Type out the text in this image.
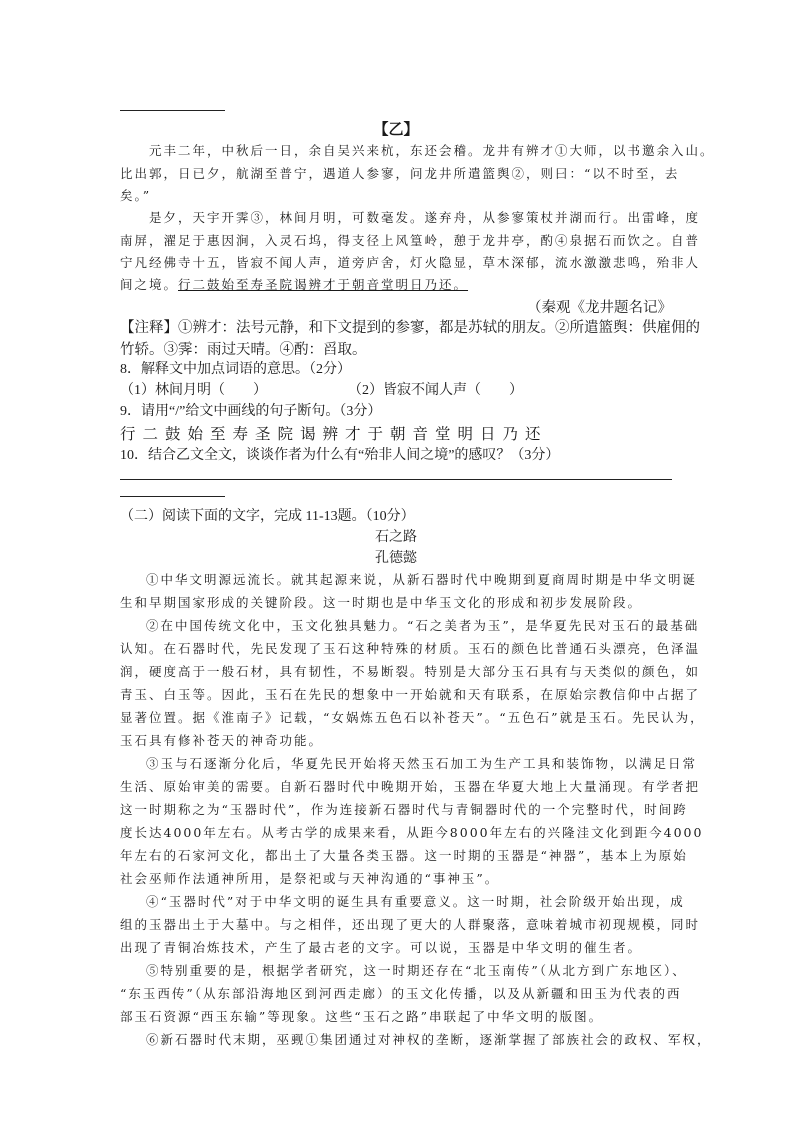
【乙】
元丰二年，中秋后一日，余自吴兴来杭，东还会稽。龙井有辨才①大师，以书邀余入山。
比出郭，日已夕，航湖至普宁，遇道人参寥，问龙井所遣篮舆②，则曰：“以不时至，去
矣。”
是夕，天宇开霁③，林间月明，可数毫发。遂弃舟，从参寥策杖并湖而行。出雷峰，度
南屏，濯足于惠因涧，入灵石坞，得支径上风篁岭，憩于龙井亭，酌④泉据石而饮之。自普
宁凡经佛寺十五，皆寂不闻人声，道旁庐舍，灯火隐显，草木深郁，流水激激悲鸣，殆非人
间之境。行二鼓始至寿圣院谒辨才于朝音堂明日乃还。
（秦观《龙井题名记》
【注释】①辨才：法号元静，和下文提到的参寥，都是苏轼的朋友。②所遣篮舆：供雇佣的
竹轿。③霁：雨过天晴。④酌：舀取。
8．解释文中加点词语的意思。（2分）
（1）林间月明（　　）	（2）皆寂不闻人声（　　）
9．请用“/”给文中画线的句子断句。（3分）
行二鼓始至寿圣院谒辨才于朝音堂明日乃还
10．结合乙文全文，谈谈作者为什么有“殆非人间之境”的感叹？（3分）
（二）阅读下面的文字，完成 11-13题。（10分）
石之路
孔德懿
①中华文明源远流长。就其起源来说，从新石器时代中晚期到夏商周时期是中华文明诞
生和早期国家形成的关键阶段。这一时期也是中华玉文化的形成和初步发展阶段。
②在中国传统文化中，玉文化独具魅力。“石之美者为玉”，是华夏先民对玉石的最基础
认知。在石器时代，先民发现了玉石这种特殊的材质。玉石的颜色比普通石头漂亮，色泽温
润，硬度高于一般石材，具有韧性，不易断裂。特别是大部分玉石具有与天类似的颜色，如
青玉、白玉等。因此，玉石在先民的想象中一开始就和天有联系，在原始宗教信仰中占据了
显著位置。据《淮南子》记载，“女娲炼五色石以补苍天”。“五色石”就是玉石。先民认为，
玉石具有修补苍天的神奇功能。
③玉与石逐渐分化后，华夏先民开始将天然玉石加工为生产工具和装饰物，以满足日常
生活、原始审美的需要。自新石器时代中晚期开始，玉器在华夏大地上大量涌现。有学者把
这一时期称之为“玉器时代”，作为连接新石器时代与青铜器时代的一个完整时代，时间跨
度长达4000年左右。从考古学的成果来看，从距今8000年左右的兴隆洼文化到距今4000
年左右的石家河文化，都出土了大量各类玉器。这一时期的玉器是“神器”，基本上为原始
社会巫师作法通神所用，是祭祀或与天神沟通的“事神玉”。
④“玉器时代”对于中华文明的诞生具有重要意义。这一时期，社会阶级开始出现，成
组的玉器出土于大墓中。与之相伴，还出现了更大的人群聚落，意味着城市初现规模，同时
出现了青铜冶炼技术，产生了最古老的文字。可以说，玉器是中华文明的催生者。
⑤特别重要的是，根据学者研究，这一时期还存在“北玉南传”（从北方到广东地区）、
“东玉西传”（从东部沿海地区到河西走廊）的玉文化传播，以及从新疆和田玉为代表的西
部玉石资源“西玉东输”等现象。这些“玉石之路”串联起了中华文明的版图。
⑥新石器时代末期，巫觋①集团通过对神权的垄断，逐渐掌握了部族社会的政权、军权，
